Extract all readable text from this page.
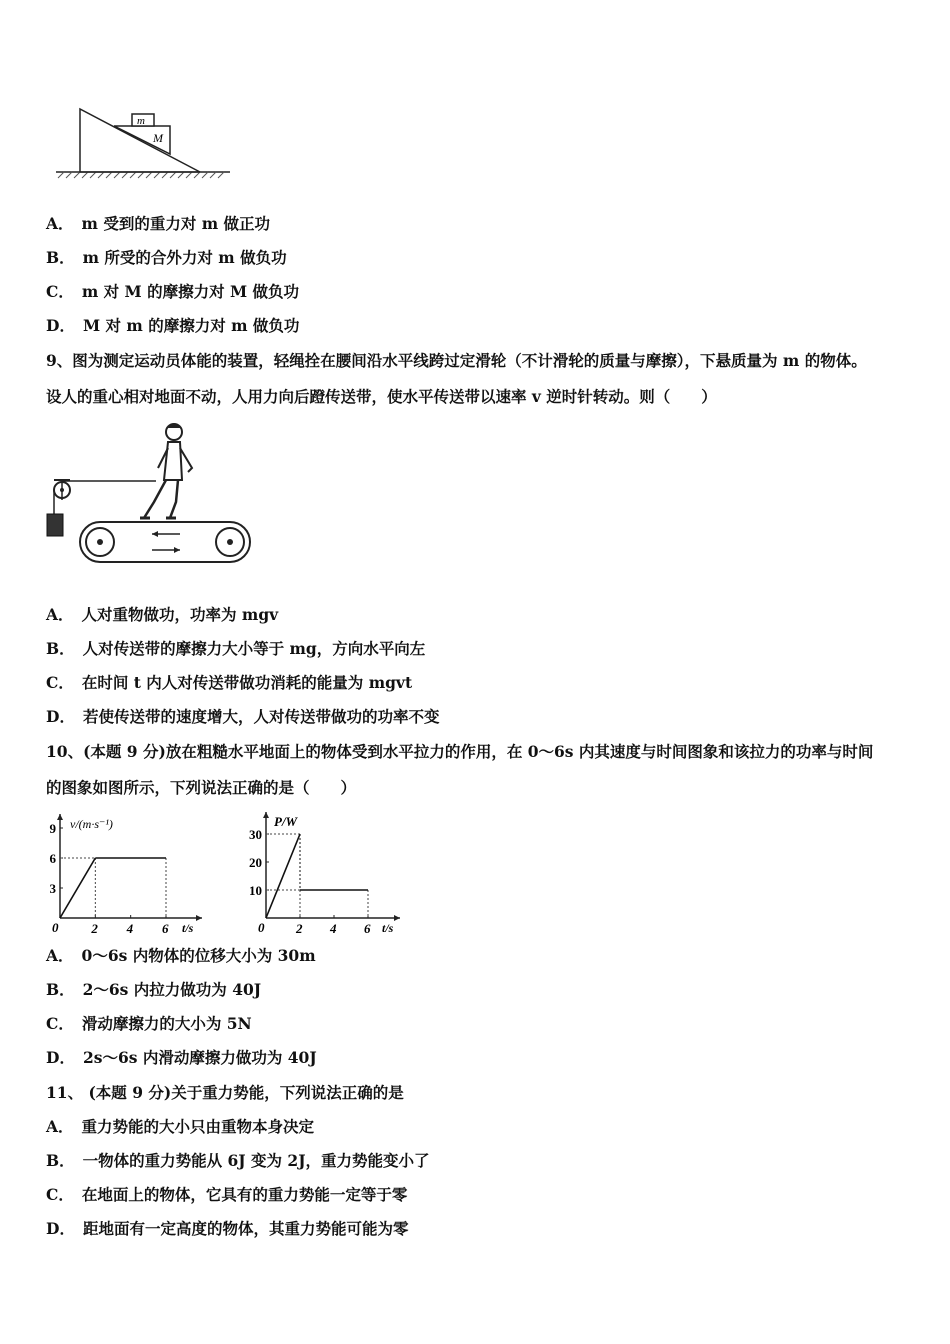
m
M
A． m 受到的重力对 m 做正功
B． m 所受的合外力对 m 做负功
C． m 对 M 的摩擦力对 M 做负功
D． M 对 m 的摩擦力对 m 做负功
9、图为测定运动员体能的装置，轻绳拴在腰间沿水平线跨过定滑轮（不计滑轮的质量与摩擦），下悬质量为 m 的物体。
设人的重心相对地面不动，人用力向后蹬传送带，使水平传送带以速率 v 逆时针转动。则（　　）
A． 人对重物做功，功率为 mgv
B． 人对传送带的摩擦力大小等于 mg，方向水平向左
C． 在时间 t 内人对传送带做功消耗的能量为 mgvt
D． 若使传送带的速度增大，人对传送带做功的功率不变
10、(本题 9 分)放在粗糙水平地面上的物体受到水平拉力的作用，在 0～6s 内其速度与时间图象和该拉力的功率与时间
的图象如图所示，下列说法正确的是（　　）
v/(m·s⁻¹)
t/s
0	2 4 6
3
6
9	P/W
t/s
0 2 4 6
10
20
30
A． 0～6s 内物体的位移大小为 30m
B． 2～6s 内拉力做功为 40J
C． 滑动摩擦力的大小为 5N
D． 2s～6s 内滑动摩擦力做功为 40J
11、 (本题 9 分)关于重力势能，下列说法正确的是
A． 重力势能的大小只由重物本身决定
B． 一物体的重力势能从 6J 变为 2J，重力势能变小了
C． 在地面上的物体，它具有的重力势能一定等于零
D． 距地面有一定高度的物体，其重力势能可能为零
